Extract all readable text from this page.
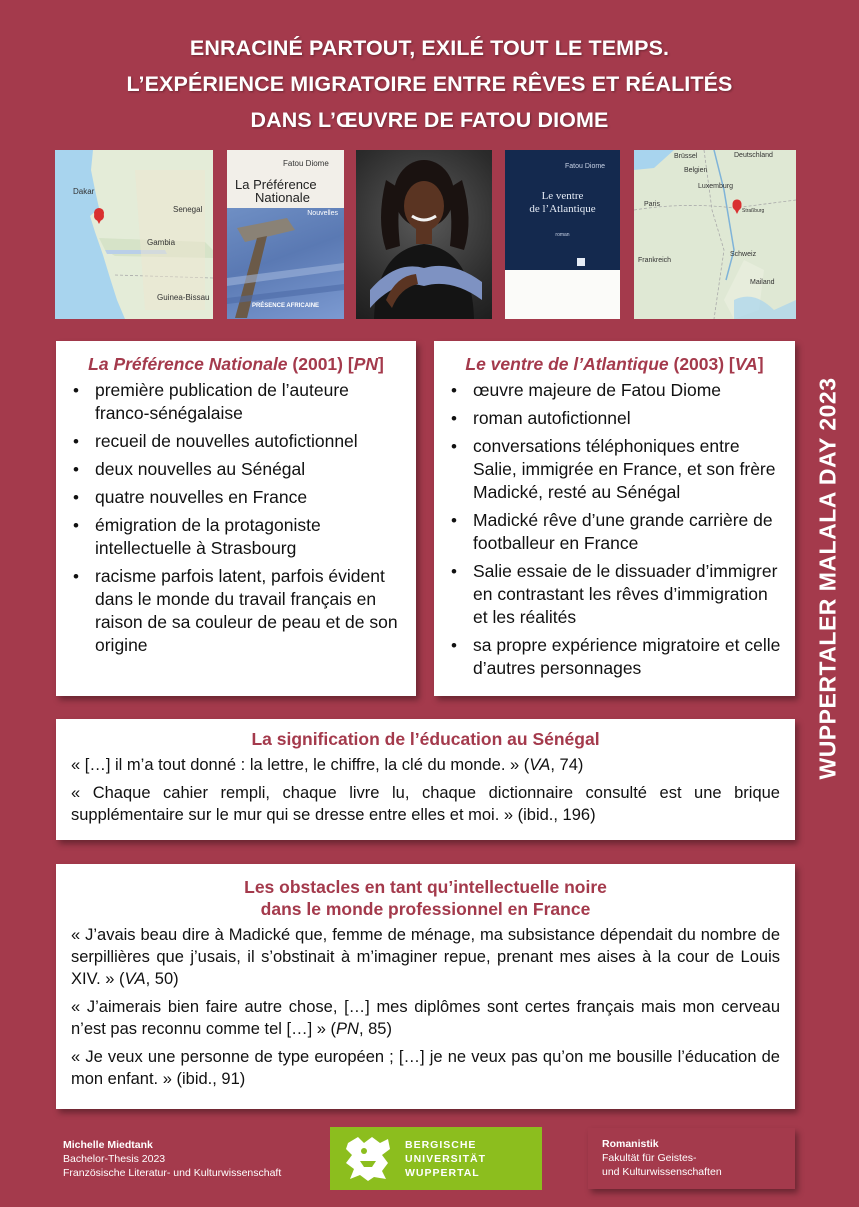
ENRACINÉ PARTOUT, EXILÉ TOUT LE TEMPS.
L’EXPÉRIENCE MIGRATOIRE ENTRE RÊVES ET RÉALITÉS
DANS L’ŒUVRE DE FATOU DIOME
Dakar
Senegal
Gambia
Guinea-Bissau
Fatou Diome
La Préférence
Nationale
Nouvelles
PRÉSENCE AFRICAINE
Fatou Diome
Le ventre
de l’Atlantique
roman
Brüssel	Deutschland
Belgien
Luxemburg
Paris
Straßburg
Frankreich
Schweiz
Mailand
WUPPERTALER MALALA DAY 2023
La Préférence Nationale (2001) [PN]
• première publication de l’auteure franco-sénégalaise
• recueil de nouvelles autofictionnel
• deux nouvelles au Sénégal
• quatre nouvelles en France
• émigration de la protagoniste intellectuelle à Strasbourg
• racisme parfois latent, parfois évident dans le monde du travail français en raison de sa couleur de peau et de son origine
Le ventre de l’Atlantique (2003) [VA]
• œuvre majeure de Fatou Diome
• roman autofictionnel
• conversations téléphoniques entre Salie, immigrée en France, et son frère Madické, resté au Sénégal
• Madické rêve d’une grande carrière de footballeur en France
• Salie essaie de le dissuader d’immigrer en contrastant les rêves d’immigration et les réalités
• sa propre expérience migratoire et celle d’autres personnages
La signification de l’éducation au Sénégal

« […] il m’a tout donné : la lettre, le chiffre, la clé du monde. » (VA, 74)

« Chaque cahier rempli, chaque livre lu, chaque dictionnaire consulté est une brique supplémentaire sur le mur qui se dresse entre elles et moi. » (ibid., 196)

Les obstacles en tant qu’intellectuelle noire
dans le monde professionnel en France

« J’avais beau dire à Madické que, femme de ménage, ma subsistance dépendait du nombre de serpillières que j’usais, il s’obstinait à m’imaginer repue, prenant mes aises à la cour de Louis XIV. » (VA, 50)

« J’aimerais bien faire autre chose, […] mes diplômes sont certes français mais mon cerveau n’est pas reconnu comme tel […] » (PN, 85)

« Je veux une personne de type européen ; […] je ne veux pas qu’on me bousille l’éducation de mon enfant. » (ibid., 91)

Michelle Miedtank
Bachelor-Thesis 2023
Französische Literatur- und Kulturwissenschaft
BERGISCHE
UNIVERSITÄT
WUPPERTAL
Romanistik
Fakultät für Geistes-
und Kulturwissenschaften
